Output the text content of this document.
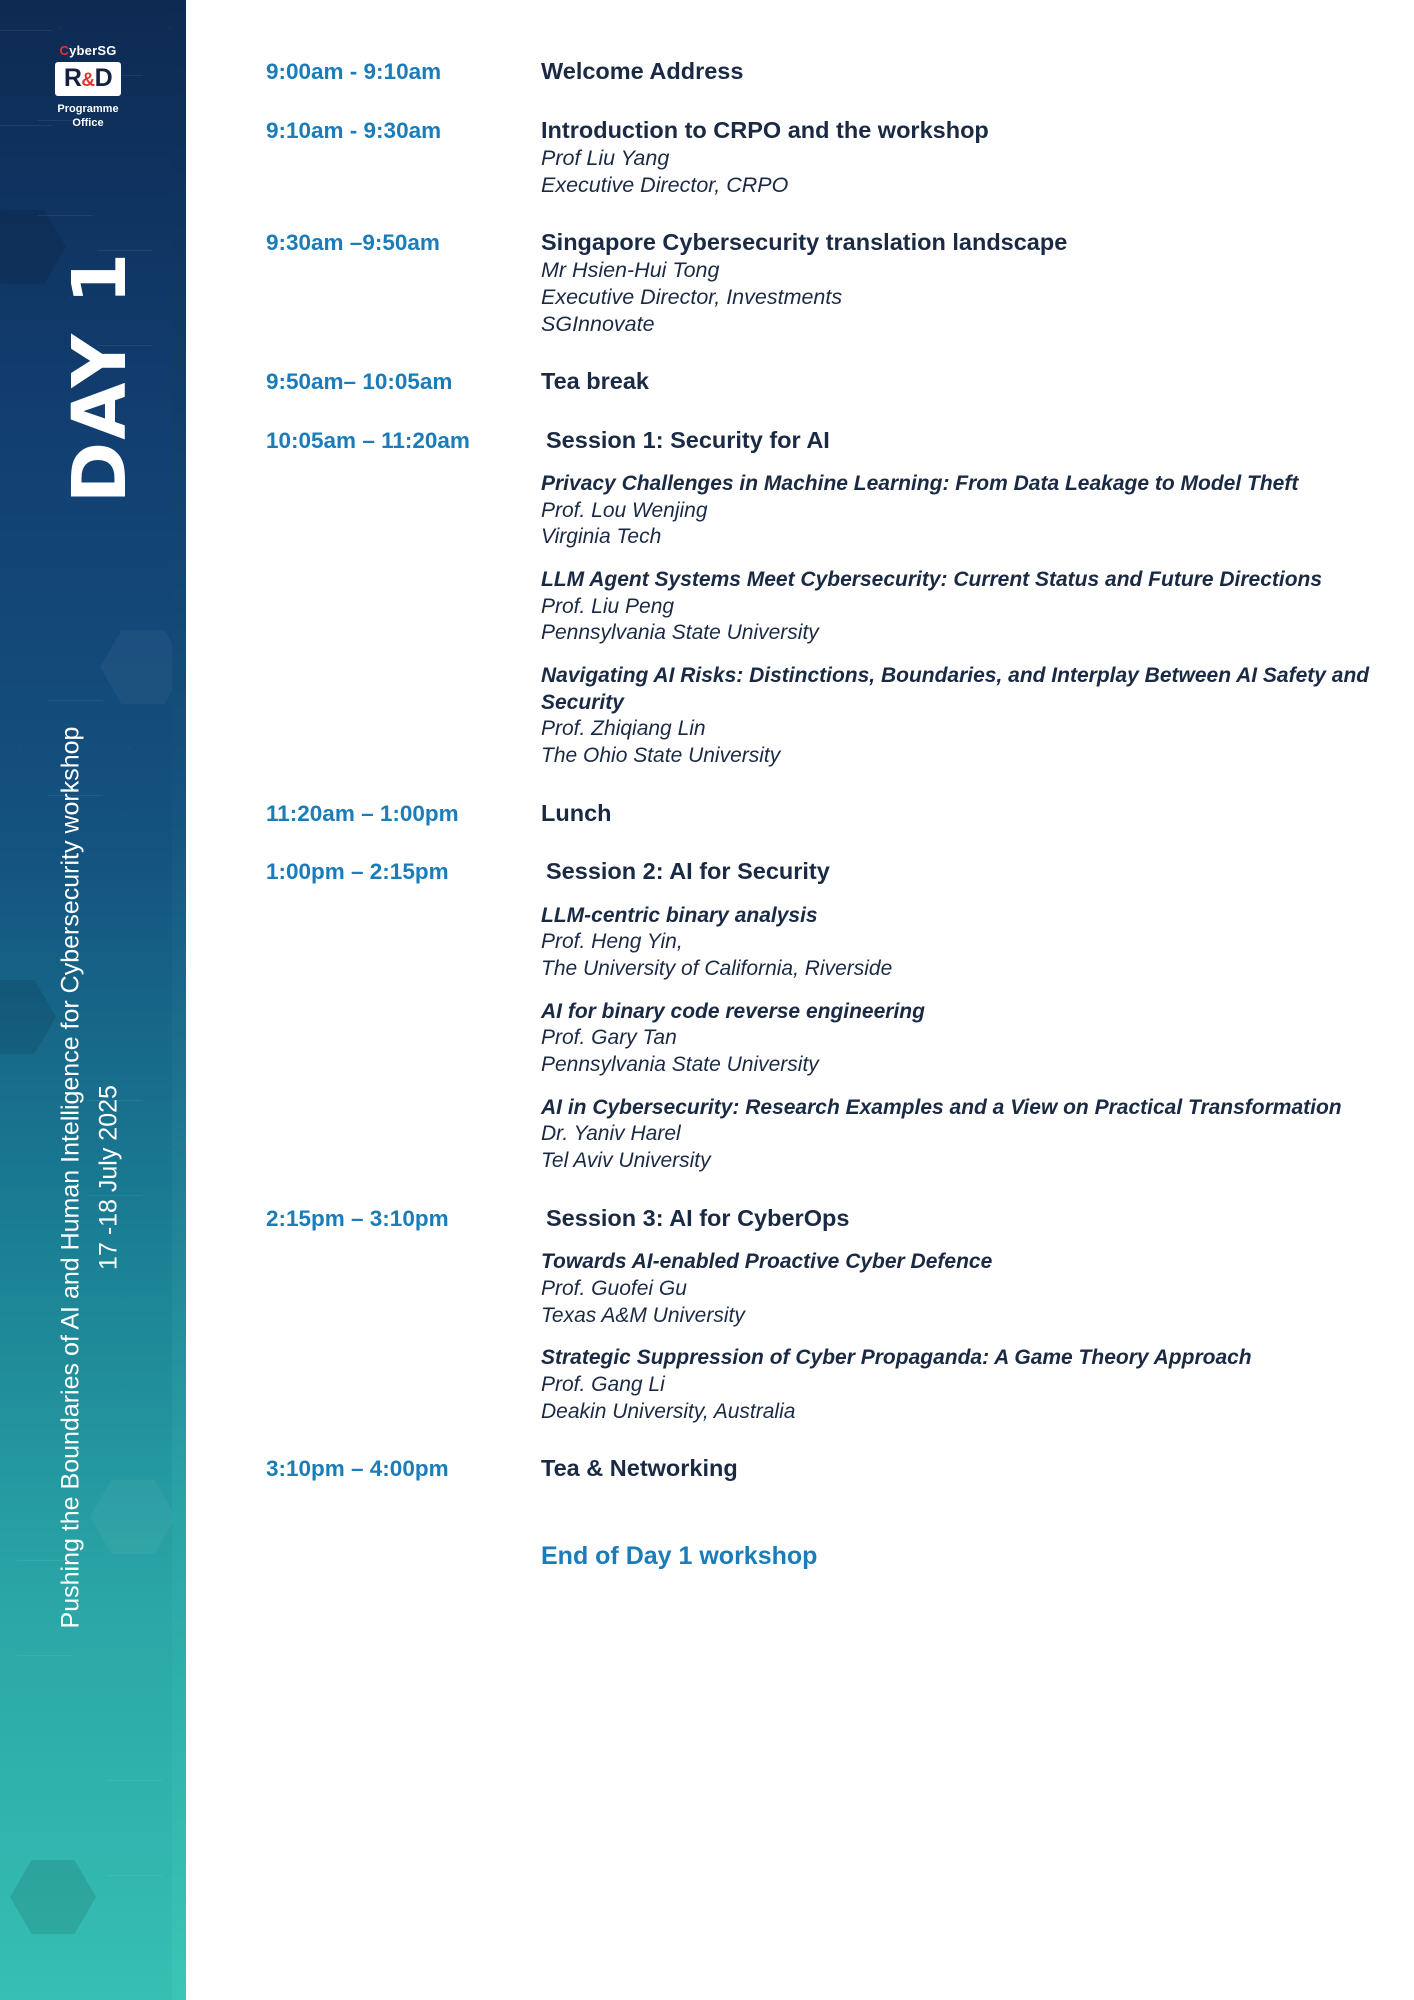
CyberSG
R&D
Programme
Office
DAY 1
Pushing the Boundaries of AI and Human Intelligence for Cybersecurity workshop 17 -18 July 2025
9:00am - 9:10am	Welcome Address
9:10am - 9:30am	Introduction to CRPO and the workshop
Prof Liu Yang
Executive Director, CRPO
9:30am –9:50am	Singapore Cybersecurity translation landscape
Mr Hsien-Hui Tong
Executive Director, Investments
SGInnovate
9:50am– 10:05am	Tea break
10:05am – 11:20am	Session 1: Security for AI
Privacy Challenges in Machine Learning: From Data Leakage to Model Theft
Prof. Lou Wenjing
Virginia Tech
LLM Agent Systems Meet Cybersecurity: Current Status and Future Directions
Prof. Liu Peng
Pennsylvania State University
Navigating AI Risks: Distinctions, Boundaries, and Interplay Between AI Safety and Security
Prof. Zhiqiang Lin
The Ohio State University
11:20am – 1:00pm	Lunch
1:00pm – 2:15pm	Session 2: AI for Security
LLM-centric binary analysis
Prof. Heng Yin,
The University of California, Riverside
AI for binary code reverse engineering
Prof. Gary Tan
Pennsylvania State University
AI in Cybersecurity: Research Examples and a View on Practical Transformation
Dr. Yaniv Harel
Tel Aviv University
2:15pm – 3:10pm	Session 3: AI for CyberOps
Towards AI-enabled Proactive Cyber Defence
Prof. Guofei Gu
Texas A&M University
Strategic Suppression of Cyber Propaganda: A Game Theory Approach
Prof. Gang Li
Deakin University, Australia
3:10pm – 4:00pm	Tea & Networking
End of Day 1 workshop
